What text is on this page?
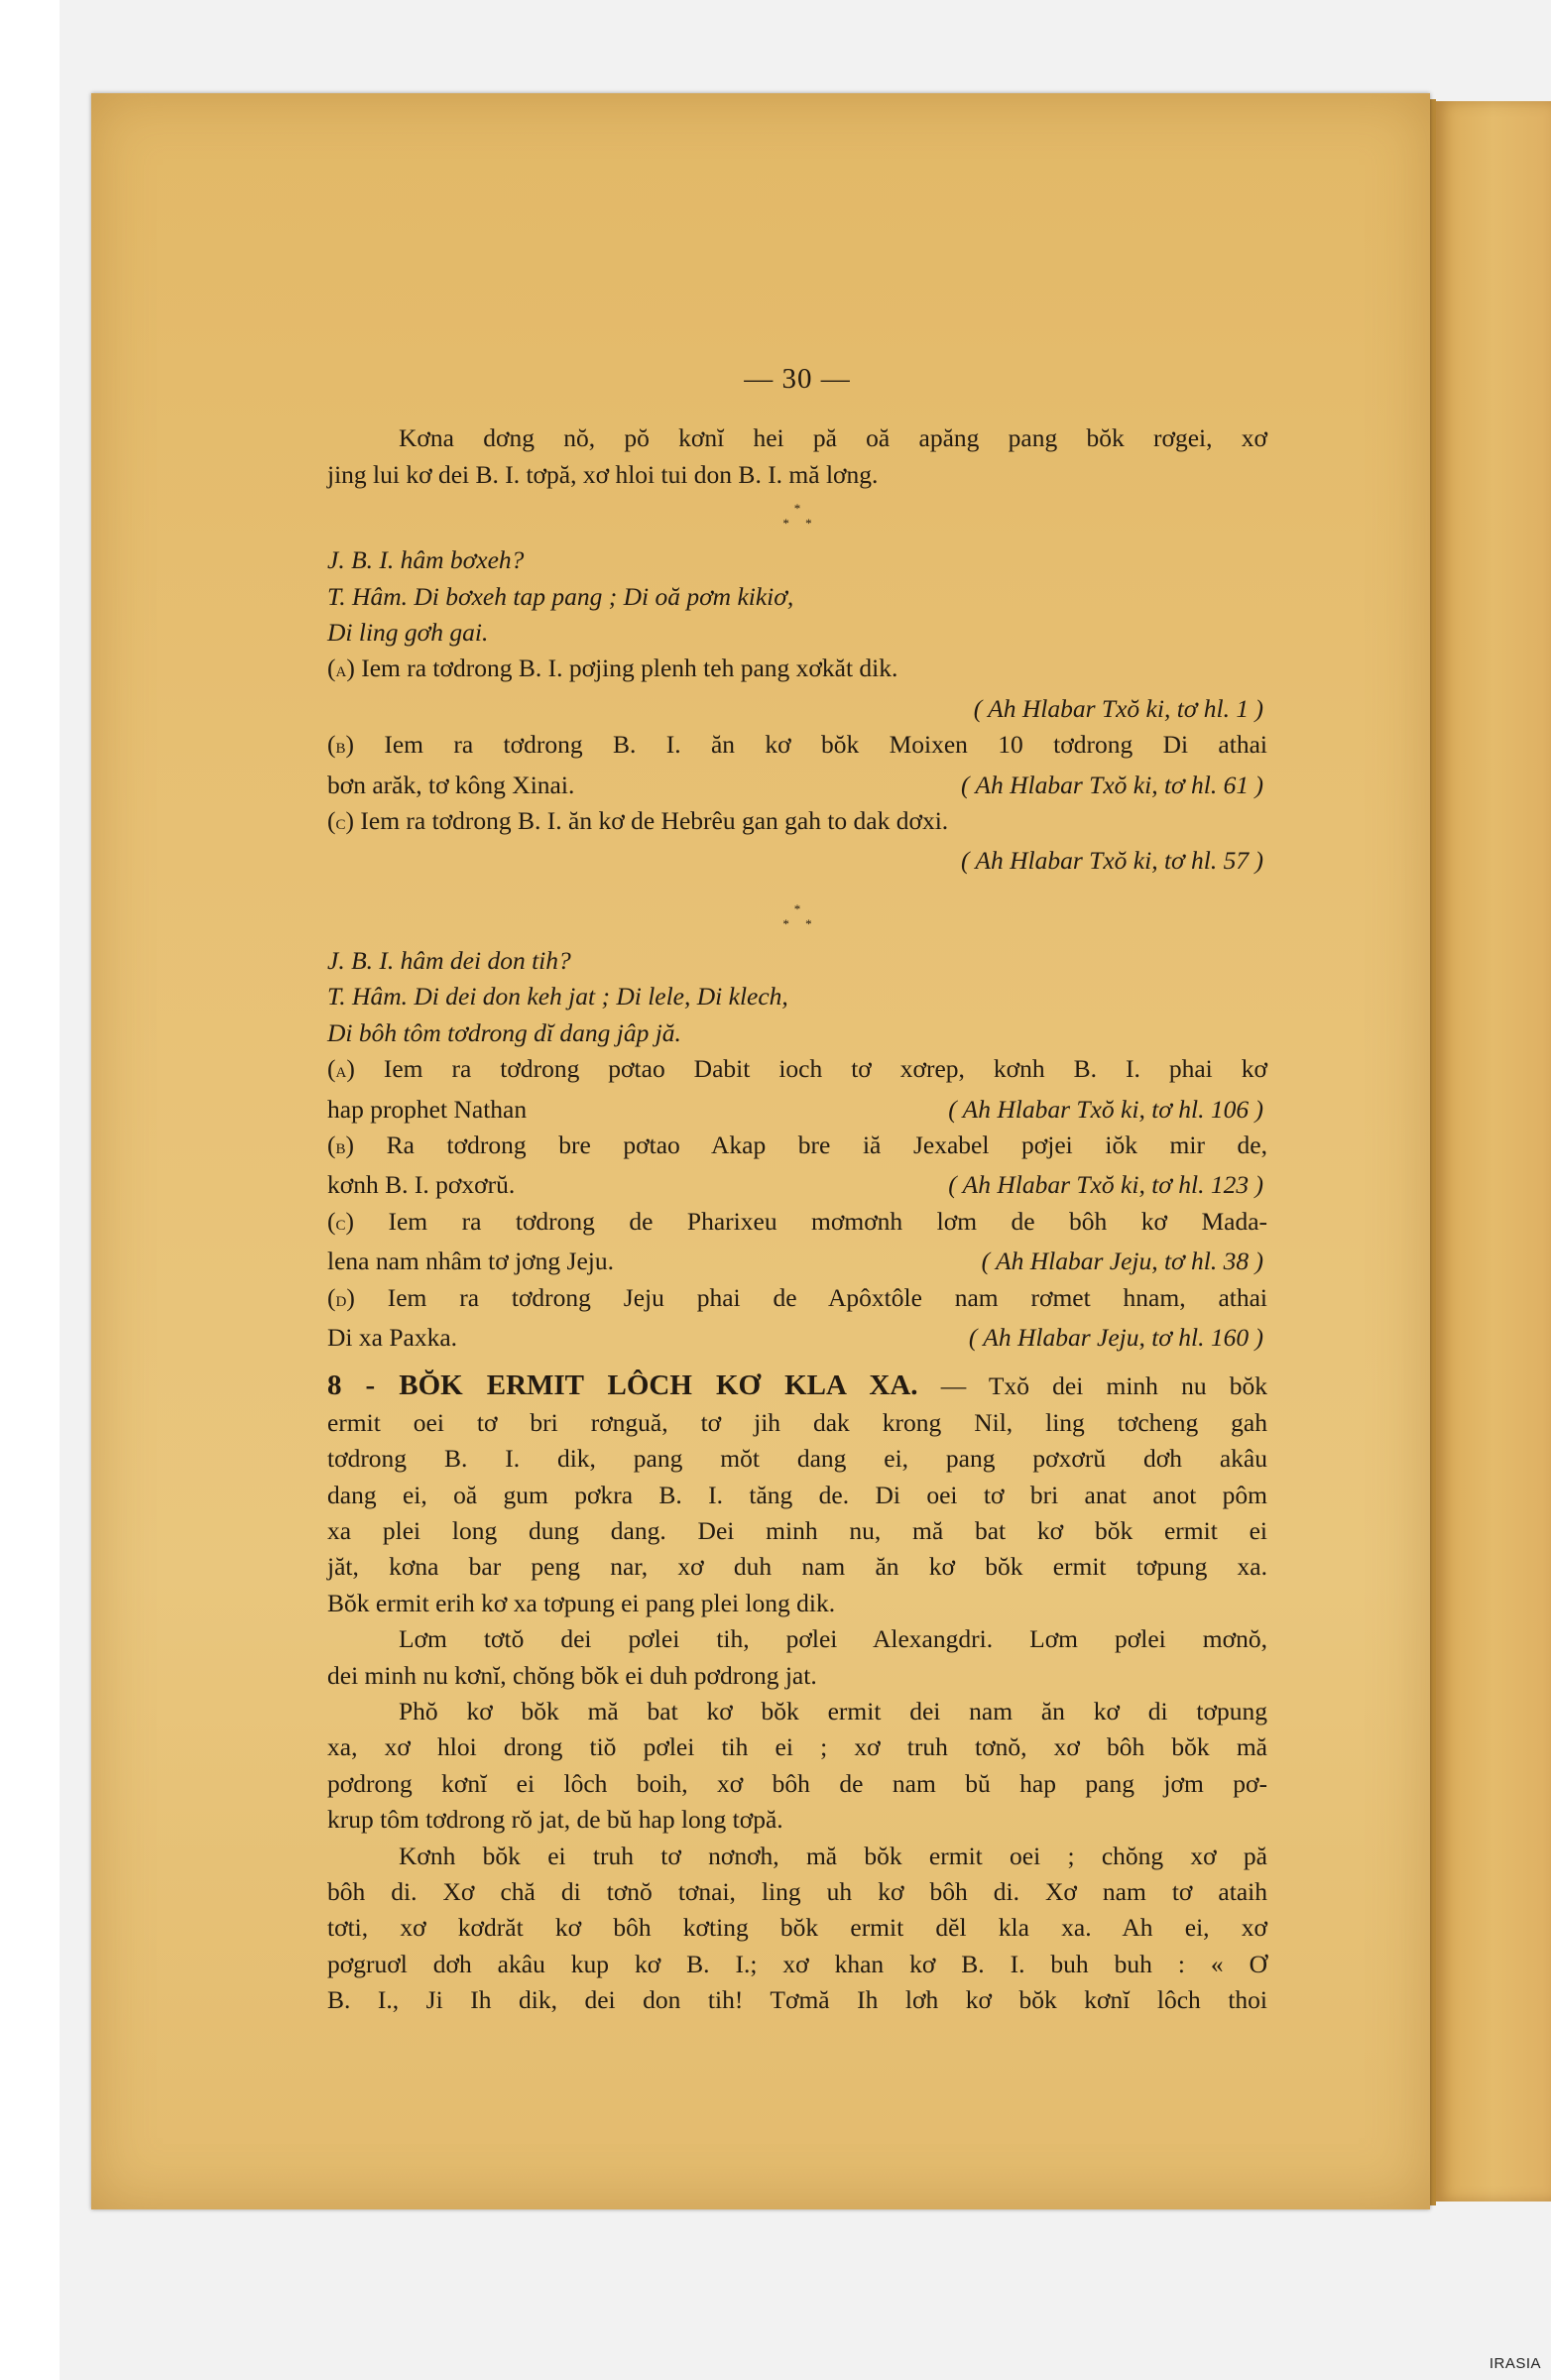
— 30 —

Kơna dơng nŏ, pŏ kơnĭ hei pă oă apăng pang bŏk rơgei, xơ

jing lui kơ dei B. I. tơpă, xơ hloi tui don B. I. mă lơng.

*
* *

J. B. I. hâm bơxeh?

T. Hâm. Di bơxeh tap pang ; Di oă pơm kikiơ,

Di ling gơh gai.

(A) Iem ra tơdrong B. I. pơjing plenh teh pang xơkăt dik.

( Ah Hlabar Txŏ ki, tơ hl. 1 )

(B) Iem ra tơdrong B. I. ăn kơ bŏk Moixen 10 tơdrong Di athai

bơn arăk, tơ kông Xinai.	( Ah Hlabar Txŏ ki, tơ hl. 61 )

(C) Iem ra tơdrong B. I. ăn kơ de Hebrêu gan gah to dak dơxi.

( Ah Hlabar Txŏ ki, tơ hl. 57 )

*
* *

J. B. I. hâm dei don tih?

T. Hâm. Di dei don keh jat ; Di lele, Di klech,

Di bôh tôm tơdrong dĭ dang jâp jă.

(A) Iem ra tơdrong pơtao Dabit ioch tơ xơrep, kơnh B. I. phai kơ

hap prophet Nathan	( Ah Hlabar Txŏ ki, tơ hl. 106 )

(B) Ra tơdrong bre pơtao Akap bre iă Jexabel pơjei iŏk mir de,

kơnh B. I. pơxơrŭ.	( Ah Hlabar Txŏ ki, tơ hl. 123 )

(C) Iem ra tơdrong de Pharixeu mơmơnh lơm de bôh kơ Mada-

lena nam nhâm tơ jơng Jeju.	( Ah Hlabar Jeju, tơ hl. 38 )

(D) Iem ra tơdrong Jeju phai de Apôxtôle nam rơmet hnam, athai

Di xa Paxka.	( Ah Hlabar Jeju, tơ hl. 160 )

8 - BŎK ERMIT LÔCH KƠ KLA XA. — Txŏ dei minh nu bŏk

ermit oei tơ bri rơnguă, tơ jih dak krong Nil, ling tơcheng gah

tơdrong B. I. dik, pang mŏt dang ei, pang pơxơrŭ dơh akâu

dang ei, oă gum pơkra B. I. tăng de. Di oei tơ bri anat anot pôm

xa plei long dung dang. Dei minh nu, mă bat kơ bŏk ermit ei

jăt, kơna bar peng nar, xơ duh nam ăn kơ bŏk ermit tơpung xa.

Bŏk ermit erih kơ xa tơpung ei pang plei long dik.

Lơm tơtŏ dei pơlei tih, pơlei Alexangdri. Lơm pơlei mơnŏ,

dei minh nu kơnĭ, chŏng bŏk ei duh pơdrong jat.

Phŏ kơ bŏk mă bat kơ bŏk ermit dei nam ăn kơ di tơpung

xa, xơ hloi drong tiŏ pơlei tih ei ; xơ truh tơnŏ, xơ bôh bŏk mă

pơdrong kơnĭ ei lôch boih, xơ bôh de nam bŭ hap pang jơm pơ-

krup tôm tơdrong rŏ jat, de bŭ hap long tơpă.

Kơnh bŏk ei truh tơ nơnơh, mă bŏk ermit oei ; chŏng xơ pă

bôh di. Xơ chă di tơnŏ tơnai, ling uh kơ bôh di. Xơ nam tơ ataih

tơti, xơ kơdrăt kơ bôh kơting bŏk ermit dĕl kla xa. Ah ei, xơ

pơgruơl dơh akâu kup kơ B. I.; xơ khan kơ B. I. buh buh : « Ơ

B. I., Ji Ih dik, dei don tih! Tơmă Ih lơh kơ bŏk kơnĭ lôch thoi

IRASIA
